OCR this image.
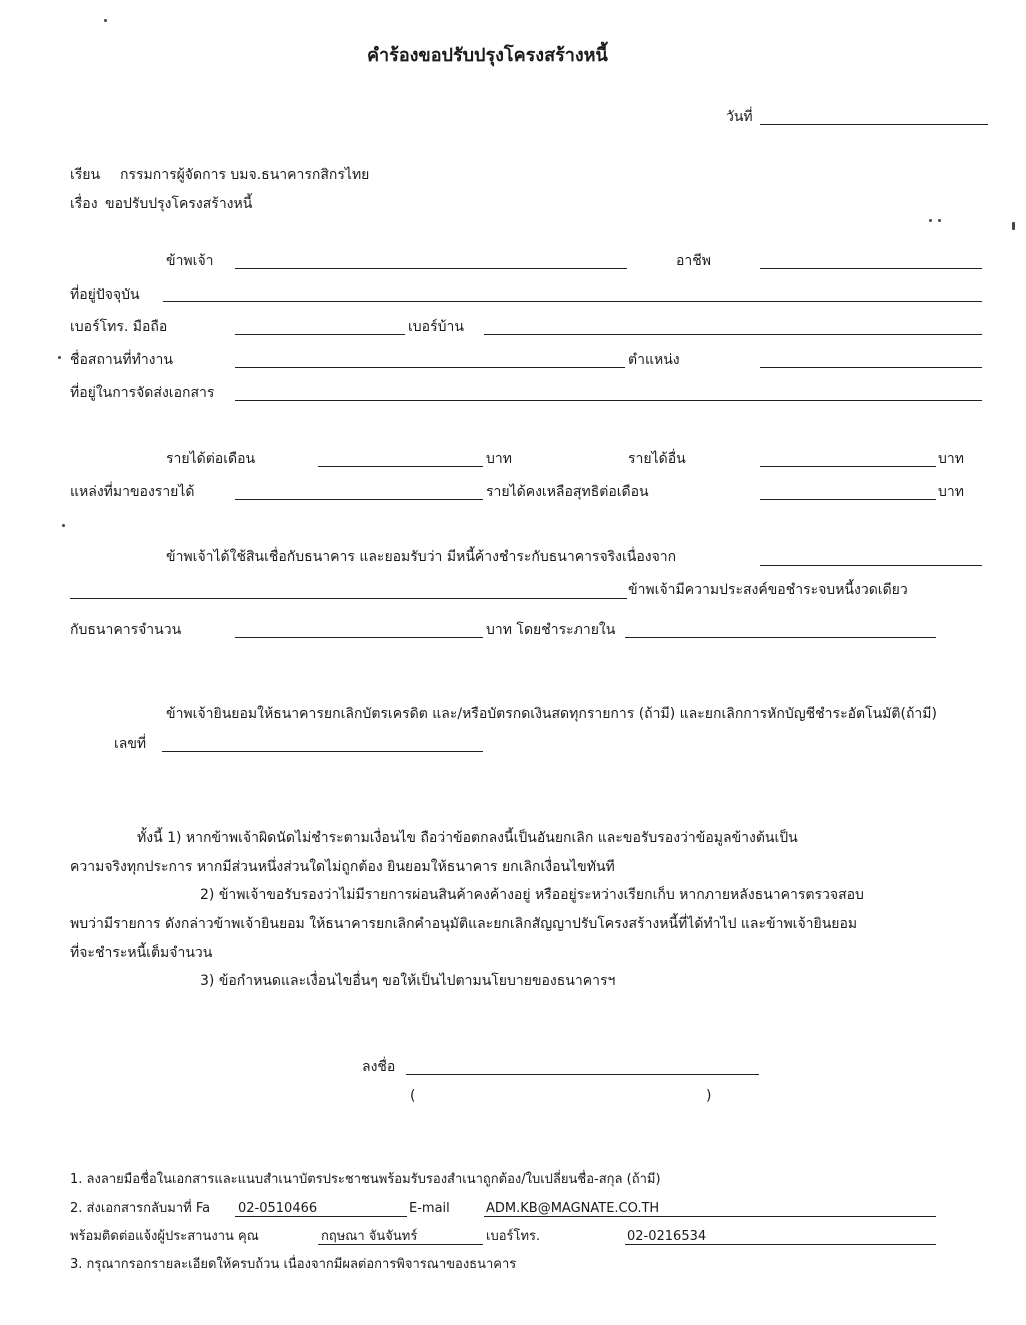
คำร้องขอปรับปรุงโครงสร้างหนี้
วันที่
เรียน กรรมการผู้จัดการ บมจ.ธนาคารกสิกรไทย
เรื่อง ขอปรับปรุงโครงสร้างหนี้
ข้าพเจ้า	อาชีพ
ที่อยู่ปัจจุบัน
เบอร์โทร. มือถือ	เบอร์บ้าน
ชื่อสถานที่ทำงาน	ตำแหน่ง
ที่อยู่ในการจัดส่งเอกสาร
รายได้ต่อเดือน	บาท	รายได้อื่น	บาท
แหล่งที่มาของรายได้	รายได้คงเหลือสุทธิต่อเดือน	บาท
ข้าพเจ้าได้ใช้สินเชื่อกับธนาคาร และยอมรับว่า มีหนี้ค้างชำระกับธนาคารจริงเนื่องจาก
ข้าพเจ้ามีความประสงค์ขอชำระจบหนี้งวดเดียว
กับธนาคารจำนวน	บาท โดยชำระภายใน
ข้าพเจ้ายินยอมให้ธนาคารยกเลิกบัตรเครดิต และ/หรือบัตรกดเงินสดทุกรายการ (ถ้ามี) และยกเลิกการหักบัญชีชำระอัตโนมัติ(ถ้ามี)
เลขที่
ทั้งนี้ 1) หากข้าพเจ้าผิดนัดไม่ชำระตามเงื่อนไข ถือว่าข้อตกลงนี้เป็นอันยกเลิก และขอรับรองว่าข้อมูลข้างต้นเป็น
ความจริงทุกประการ หากมีส่วนหนึ่งส่วนใดไม่ถูกต้อง ยินยอมให้ธนาคาร ยกเลิกเงื่อนไขทันที
2) ข้าพเจ้าขอรับรองว่าไม่มีรายการผ่อนสินค้าคงค้างอยู่ หรืออยู่ระหว่างเรียกเก็บ หากภายหลังธนาคารตรวจสอบ
พบว่ามีรายการ ดังกล่าวข้าพเจ้ายินยอม ให้ธนาคารยกเลิกคำอนุมัติและยกเลิกสัญญาปรับโครงสร้างหนี้ที่ได้ทำไป และข้าพเจ้ายินยอม
ที่จะชำระหนี้เต็มจำนวน
3) ข้อกำหนดและเงื่อนไขอื่นๆ ขอให้เป็นไปตามนโยบายของธนาคารฯ
ลงชื่อ
(	)
1. ลงลายมือชื่อในเอกสารและแนบสำเนาบัตรประชาชนพร้อมรับรองสำเนาถูกต้อง/ใบเปลี่ยนชื่อ-สกุล (ถ้ามี)
2. ส่งเอกสารกลับมาที่ Fa 02-0510466	E-mail	ADM.KB@MAGNATE.CO.TH
พร้อมติดต่อแจ้งผู้ประสานงาน คุณ	กฤษณา จันจันทร์	เบอร์โทร.	02-0216534
3. กรุณากรอกรายละเอียดให้ครบถ้วน เนื่องจากมีผลต่อการพิจารณาของธนาคาร
